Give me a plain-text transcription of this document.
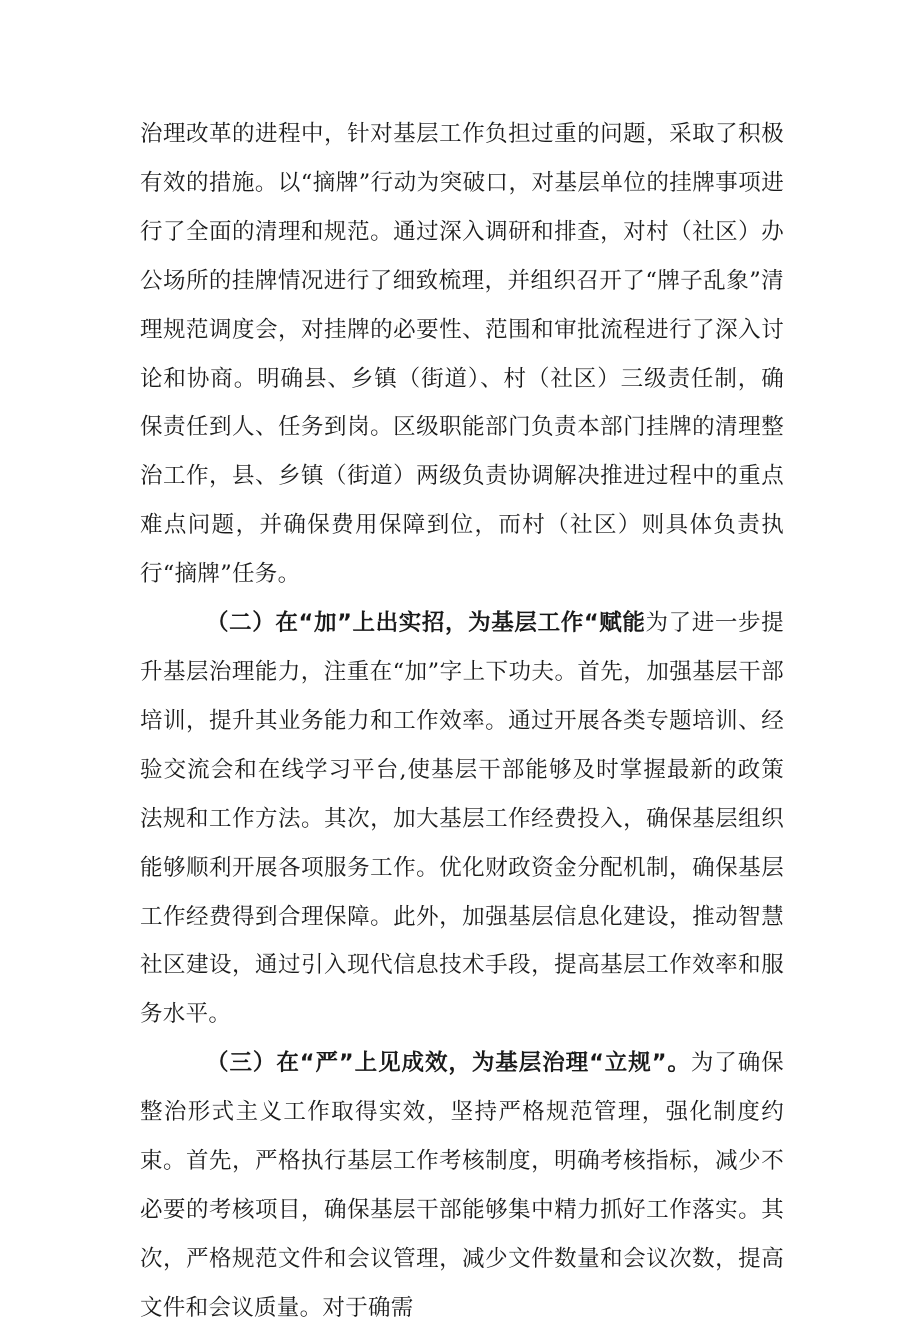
治理改革的进程中，针对基层工作负担过重的问题，采取了积极有效的措施。以“摘牌”行动为突破口，对基层单位的挂牌事项进行了全面的清理和规范。通过深入调研和排查，对村（社区）办公场所的挂牌情况进行了细致梳理，并组织召开了“牌子乱象”清理规范调度会，对挂牌的必要性、范围和审批流程进行了深入讨论和协商。明确县、乡镇（街道）、村（社区）三级责任制，确保责任到人、任务到岗。区级职能部门负责本部门挂牌的清理整治工作，县、乡镇（街道）两级负责协调解决推进过程中的重点难点问题，并确保费用保障到位，而村（社区）则具体负责执行“摘牌”任务。

（二）在“加”上出实招，为基层工作“赋能为了进一步提升基层治理能力，注重在“加”字上下功夫。首先，加强基层干部培训，提升其业务能力和工作效率。通过开展各类专题培训、经验交流会和在线学习平台,使基层干部能够及时掌握最新的政策法规和工作方法。其次，加大基层工作经费投入，确保基层组织能够顺利开展各项服务工作。优化财政资金分配机制，确保基层工作经费得到合理保障。此外，加强基层信息化建设，推动智慧社区建设，通过引入现代信息技术手段，提高基层工作效率和服务水平。

（三）在“严”上见成效，为基层治理“立规”。为了确保整治形式主义工作取得实效，坚持严格规范管理，强化制度约束。首先，严格执行基层工作考核制度，明确考核指标，减少不必要的考核项目，确保基层干部能够集中精力抓好工作落实。其次，严格规范文件和会议管理，减少文件数量和会议次数，提高文件和会议质量。对于确需
